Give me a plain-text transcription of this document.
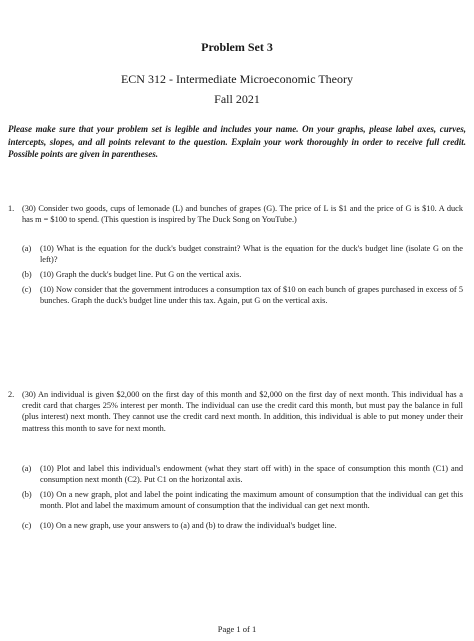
Problem Set 3
ECN 312 - Intermediate Microeconomic Theory
Fall 2021
Please make sure that your problem set is legible and includes your name. On your graphs, please label axes, curves, intercepts, slopes, and all points relevant to the question. Explain your work thoroughly in order to receive full credit. Possible points are given in parentheses.
1. (30) Consider two goods, cups of lemonade (L) and bunches of grapes (G). The price of L is $1 and the price of G is $10. A duck has m = $100 to spend. (This question is inspired by The Duck Song on YouTube.)
(a) (10) What is the equation for the duck's budget constraint? What is the equation for the duck's budget line (isolate G on the left)?
(b) (10) Graph the duck's budget line. Put G on the vertical axis.
(c) (10) Now consider that the government introduces a consumption tax of $10 on each bunch of grapes purchased in excess of 5 bunches. Graph the duck's budget line under this tax. Again, put G on the vertical axis.
2. (30) An individual is given $2,000 on the first day of this month and $2,000 on the first day of next month. This individual has a credit card that charges 25% interest per month. The individual can use the credit card this month, but must pay the balance in full (plus interest) next month. They cannot use the credit card next month. In addition, this individual is able to put money under their mattress this month to save for next month.
(a) (10) Plot and label this individual's endowment (what they start off with) in the space of consumption this month (C1) and consumption next month (C2). Put C1 on the horizontal axis.
(b) (10) On a new graph, plot and label the point indicating the maximum amount of consumption that the individual can get this month. Plot and label the maximum amount of consumption that the individual can get next month.
(c) (10) On a new graph, use your answers to (a) and (b) to draw the individual's budget line.
Page 1 of 1
